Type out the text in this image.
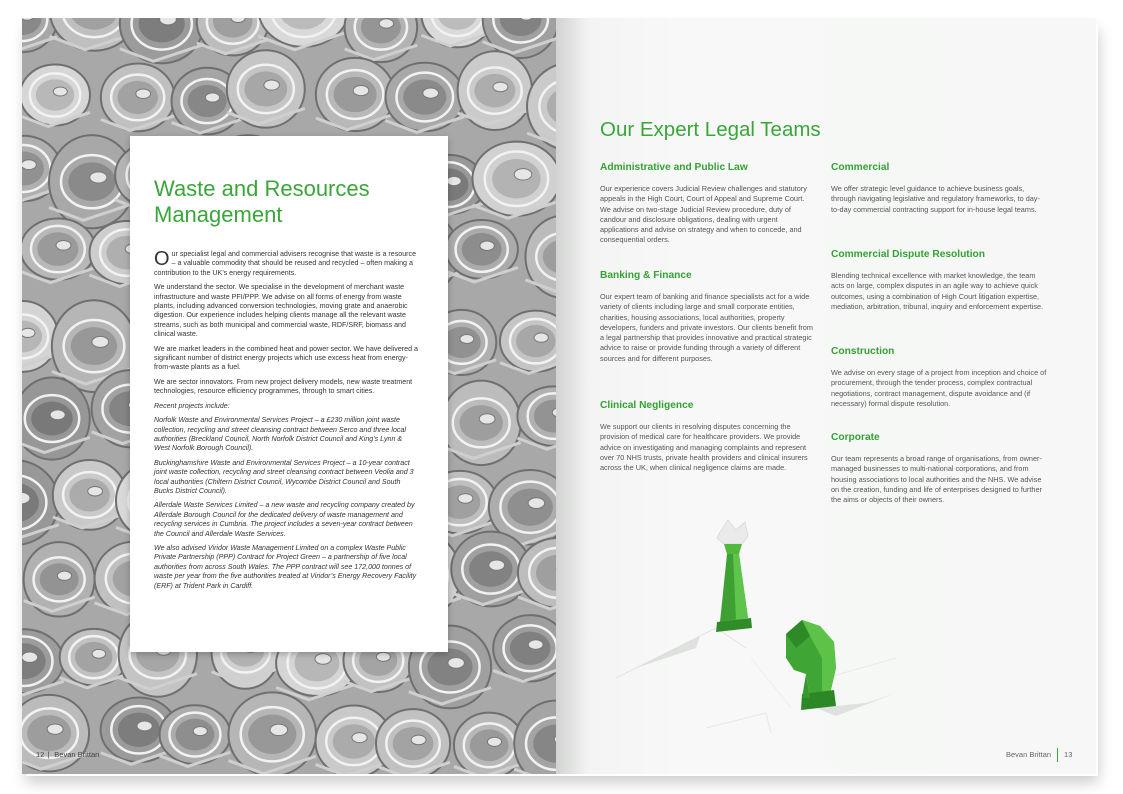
Waste and Resources Management

Our specialist legal and commercial advisers recognise that waste is a resource – a valuable commodity that should be reused and recycled – often making a contribution to the UK’s energy requirements.

We understand the sector. We specialise in the development of merchant waste infrastructure and waste PFI/PPP. We advise on all forms of energy from waste plants, including advanced conversion technologies, moving grate and anaerobic digestion. Our experience includes helping clients manage all the relevant waste streams, such as both municipal and commercial waste, RDF/SRF, biomass and clinical waste.

We are market leaders in the combined heat and power sector. We have delivered a significant number of district energy projects which use excess heat from energy-from-waste plants as a fuel.

We are sector innovators. From new project delivery models, new waste treatment technologies, resource efficiency programmes, through to smart cities.

Recent projects include:

Norfolk Waste and Environmental Services Project – a £230 million joint waste collection, recycling and street cleansing contract between Serco and three local authorities (Breckland Council, North Norfolk District Council and King’s Lynn & West Norfolk Borough Council).

Buckinghamshire Waste and Environmental Services Project – a 10-year contract joint waste collection, recycling and street cleansing contract between Veolia and 3 local authorities (Chiltern District Council, Wycombe District Council and South Bucks District Council).

Allerdale Waste Services Limited – a new waste and recycling company created by Allerdale Borough Council for the dedicated delivery of waste management and recycling services in Cumbria. The project includes a seven-year contract between the Council and Allerdale Waste Services.

We also advised Viridor Waste Management Limited on a complex Waste Public Private Partnership (PPP) Contract for Project Green – a partnership of five local authorities from across South Wales. The PPP contract will see 172,000 tonnes of waste per year from the five authorities treated at Viridor’s Energy Recovery Facility (ERF) at Trident Park in Cardiff.

12 | Bevan Brittan
Our Expert Legal Teams
Administrative and Public Law

Our experience covers Judicial Review challenges and statutory appeals in the High Court, Court of Appeal and Supreme Court. We advise on two-stage Judicial Review procedure, duty of candour and disclosure obligations, dealing with urgent applications and advise on strategy and when to concede, and consequential orders.

Banking & Finance

Our expert team of banking and finance specialists act for a wide variety of clients including large and small corporate entities, charities, housing associations, local authorities, property developers, funders and private investors. Our clients benefit from a legal partnership that provides innovative and practical strategic advice to raise or provide funding through a variety of different sources and for different purposes.

Clinical Negligence

We support our clients in resolving disputes concerning the provision of medical care for healthcare providers. We provide advice on investigating and managing complaints and represent over 70 NHS trusts, private health providers and clinical insurers across the UK, when clinical negligence claims are made.

Commercial

We offer strategic level guidance to achieve business goals, through navigating legislative and regulatory frameworks, to day-to-day commercial contracting support for in-house legal teams.

Commercial Dispute Resolution

Blending technical excellence with market knowledge, the team acts on large, complex disputes in an agile way to achieve quick outcomes, using a combination of High Court litigation expertise, mediation, arbitration, tribunal, inquiry and enforcement expertise.

Construction

We advise on every stage of a project from inception and choice of procurement, through the tender process, complex contractual negotiations, contract management, dispute avoidance and (if necessary) formal dispute resolution.

Corporate

Our team represents a broad range of organisations, from owner-managed businesses to multi-national corporations, and from housing associations to local authorities and the NHS. We advise on the creation, funding and life of enterprises designed to further the aims or objects of their owners.

Bevan Brittan 13
